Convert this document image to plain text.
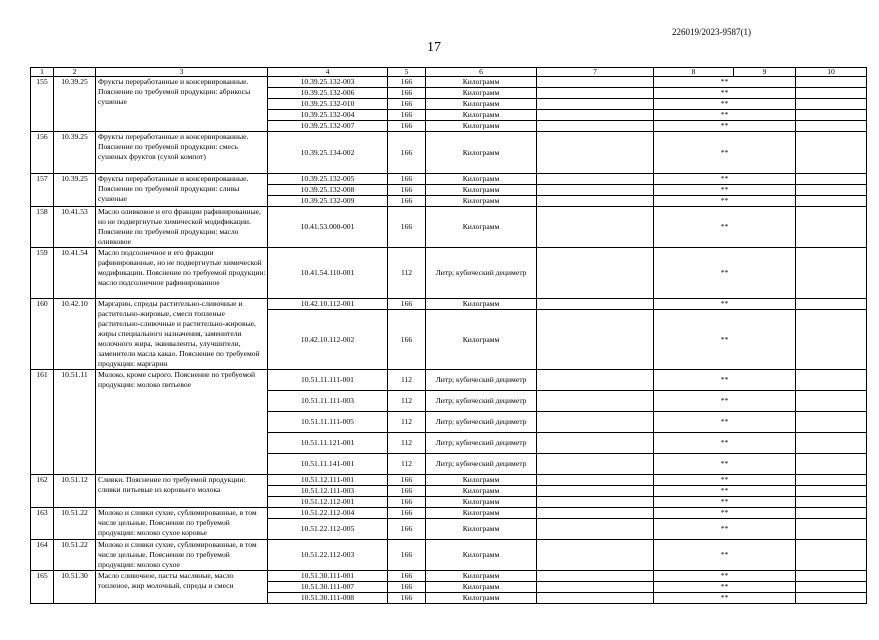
226019/2023-9587(1)
17
1	2	3	4	5	6	7	8	9	10
155	10.39.25	Фрукты переработанные и консервированные. Пояснение по требуемой продукции: абрикосы сушеные	10.39.25.132-003	166	Килограмм		**		
			10.39.25.132-006	166	Килограмм		**		
			10.39.25.132-010	166	Килограмм		**		
			10.39.25.132-004	166	Килограмм		**		
			10.39.25.132-007	166	Килограмм		**		
156	10.39.25	Фрукты переработанные и консервированные. Пояснение по требуемой продукции: смесь сушеных фруктов (сухой компот)	10.39.25.134-002	166	Килограмм		**		
157	10.39.25	Фрукты переработанные и консервированные. Пояснение по требуемой продукции: сливы сушеные	10.39.25.132-005	166	Килограмм		**		
			10.39.25.132-008	166	Килограмм		**		
			10.39.25.132-009	166	Килограмм		**		
158	10.41.53	Масло оливковое и его фракции рафинированные, но не подвергнутые химической модификации. Пояснение по требуемой продукции: масло оливковое	10.41.53.000-001	166	Килограмм		**		
159	10.41.54	Масло подсолнечное и его фракции рафинированные, но не подвергнутые химической модификации. Пояснение по требуемой продукции: масло подсолнечное рафинированное	10.41.54.110-001	112	Литр; кубический дециметр		**		
160	10.42.10	Маргарин, спреды растительно-сливочные и растительно-жировые, смеси топленые растительно-сливочные и растительно-жировые, жиры специального назначения, заменители молочного жира, эквиваленты, улучшители, заменители масла какао. Пояснение по требуемой продукции: маргарин	10.42.10.112-001	166	Килограмм		**		
			10.42.10.112-002	166	Килограмм		**		
161	10.51.11	Молоко, кроме сырого. Пояснение по требуемой продукции: молоко питьевое	10.51.11.111-001	112	Литр; кубический дециметр		**		
			10.51.11.111-003	112	Литр; кубический дециметр		**		
			10.51.11.111-005	112	Литр; кубический дециметр		**		
			10.51.11.121-001	112	Литр; кубический дециметр		**		
			10.51.11.141-001	112	Литр; кубический дециметр		**		
162	10.51.12	Сливки. Пояснение по требуемой продукции: сливки питьевые из коровьего молока	10.51.12.111-001	166	Килограмм		**		
			10.51.12.111-003	166	Килограмм		**		
			10.51.12.112-001	166	Килограмм		**		
163	10.51.22	Молоко и сливки сухие, сублимированные, в том числе цельные. Пояснение по требуемой продукции: молоко сухое коровье	10.51.22.112-004	166	Килограмм		**		
			10.51.22.112-005	166	Килограмм		**		
164	10.51.22	Молоко и сливки сухие, сублимированные, в том числе цельные. Пояснение по требуемой продукции: молоко сухое	10.51.22.112-003	166	Килограмм		**		
165	10.51.30	Масло сливочное, пасты масляные, масло топленое, жир молочный, спреды и смеси	10.51.30.111-001	166	Килограмм		**		
			10.51.30.111-007	166	Килограмм		**		
			10.51.30.111-008	166	Килограмм		**		
